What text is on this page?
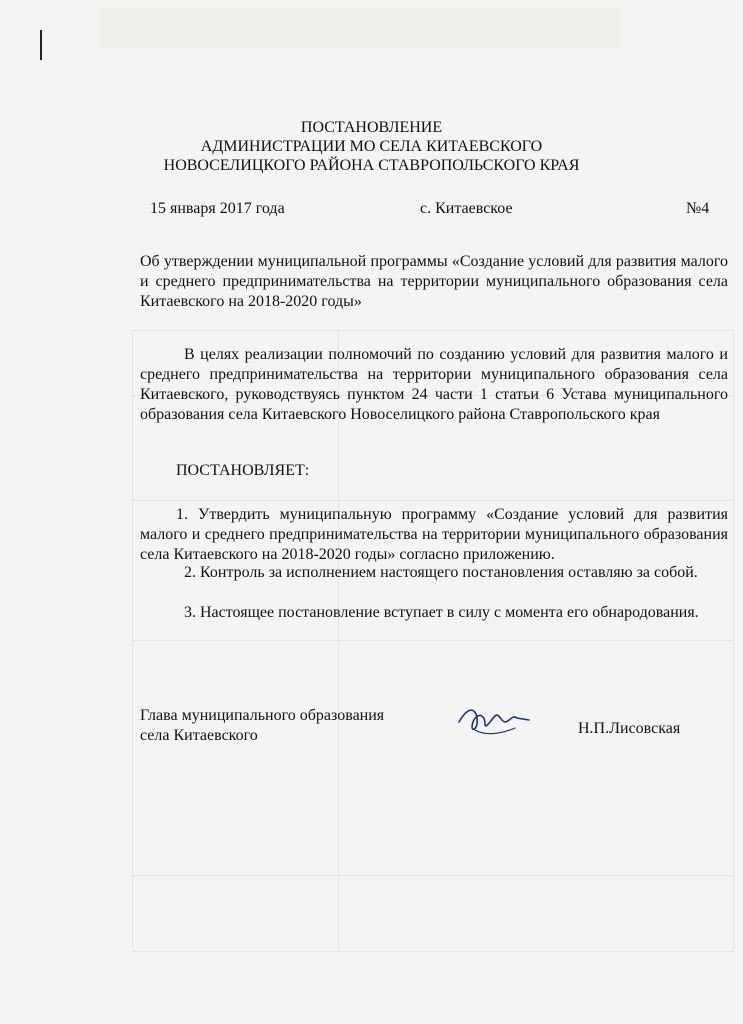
ПОСТАНОВЛЕНИЕ
АДМИНИСТРАЦИИ МО СЕЛА КИТАЕВСКОГО
НОВОСЕЛИЦКОГО РАЙОНА СТАВРОПОЛЬСКОГО КРАЯ
15 января 2017 года	с. Китаевское	№4

Об утверждении муниципальной программы «Создание условий для развития малого и среднего предпринимательства на территории муниципального образования села Китаевского на 2018-2020 годы»

В целях реализации полномочий по созданию условий для развития малого и среднего предпринимательства на территории муниципального образования села Китаевского, руководствуясь пунктом 24 части 1 статьи 6 Устава муниципального образования села Китаевского Новоселицкого района Ставропольского края

ПОСТАНОВЛЯЕТ:

1. Утвердить муниципальную программу «Создание условий для развития малого и среднего предпринимательства на территории муниципального образования села Китаевского на 2018-2020 годы» согласно приложению.

2. Контроль за исполнением настоящего постановления оставляю за собой.

3. Настоящее постановление вступает в силу с момента его обнародования.

Глава муниципального образования
села Китаевского	Н.П.Лисовская
